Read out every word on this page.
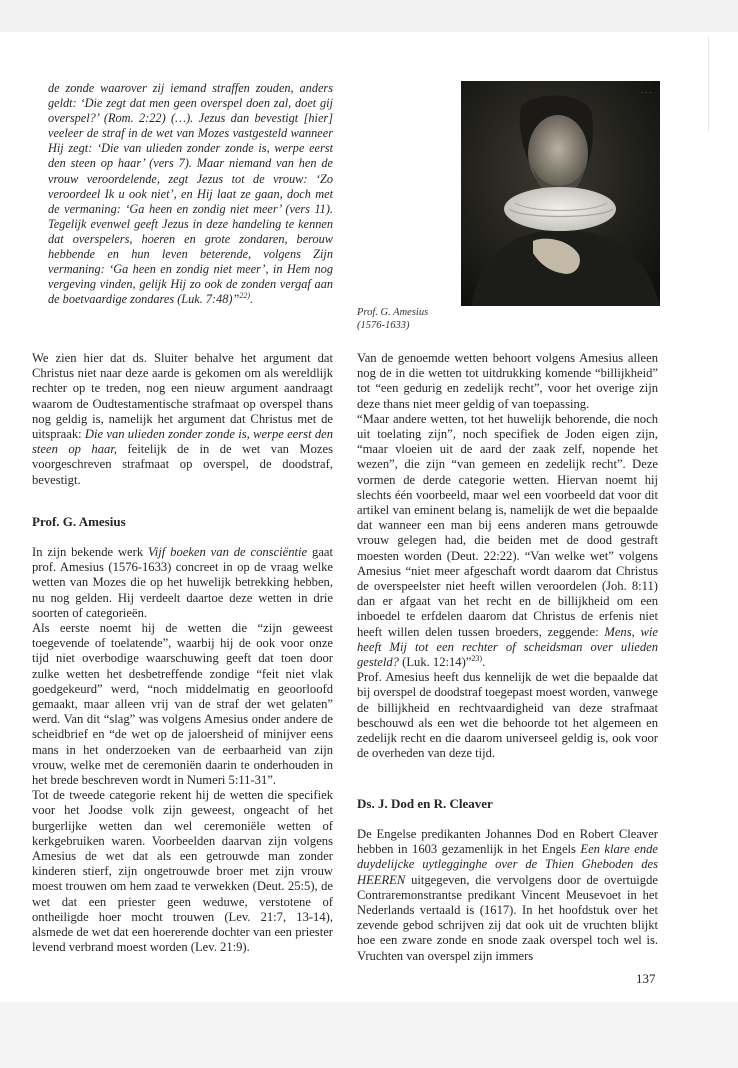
de zonde waarover zij iemand straffen zouden, anders geldt: ‘Die zegt dat men geen overspel doen zal, doet gij overspel?’ (Rom. 2:22) (…). Jezus dan bevestigt [hier] veeleer de straf in de wet van Mozes vastgesteld wanneer Hij zegt: ‘Die van ulieden zonder zonde is, werpe eerst den steen op haar’ (vers 7). Maar niemand van hen de vrouw veroordelende, zegt Jezus tot de vrouw: ‘Zo veroordeel Ik u ook niet’, en Hij laat ze gaan, doch met de vermaning: ‘Ga heen en zondig niet meer’ (vers 11). Tegelijk evenwel geeft Jezus in deze handeling te kennen dat overspelers, hoeren en grote zondaren, berouw hebbende en hun leven beterende, volgens Zijn vermaning: ‘Ga heen en zondig niet meer’, in Hem nog vergeving vinden, gelijk Hij zo ook de zonden vergaf aan de boetvaardige zondares (Luk. 7:48)”$^{22)}$.

We zien hier dat ds. Sluiter behalve het argument dat Christus niet naar deze aarde is gekomen om als wereldlijk rechter op te treden, nog een nieuw argument aandraagt waarom de Oudtestamentische strafmaat op overspel thans nog geldig is, namelijk het argument dat Christus met de uitspraak: Die van ulieden zonder zonde is, werpe eerst den steen op haar, feitelijk de in de wet van Mozes voorgeschreven strafmaat op overspel, de doodstraf, bevestigt.

Prof. G. Amesius

In zijn bekende werk Vijf boeken van de consciëntie gaat prof. Amesius (1576-1633) concreet in op de vraag welke wetten van Mozes die op het huwelijk betrekking hebben, nu nog gelden. Hij verdeelt daartoe deze wetten in drie soorten of categorieën.

Als eerste noemt hij de wetten die “zijn geweest toegevende of toelatende”, waarbij hij de ook voor onze tijd niet overbodige waarschuwing geeft dat toen door zulke wetten het desbetreffende zondige “feit niet vlak goedgekeurd” werd, “noch middelmatig en geoorloofd gemaakt, maar alleen vrij van de straf der wet gelaten” werd. Van dit “slag” was volgens Amesius onder andere de scheidbrief en “de wet op de jaloersheid of minijver eens mans in het onderzoeken van de eerbaarheid van zijn vrouw, welke met de ceremoniën daarin te onderhouden in het brede beschreven wordt in Numeri 5:11-31”.

Tot de tweede categorie rekent hij de wetten die specifiek voor het Joodse volk zijn geweest, ongeacht of het burgerlijke wetten dan wel ceremoniële wetten of kerkgebruiken waren. Voorbeelden daarvan zijn volgens Amesius de wet dat als een getrouwde man zonder kinderen stierf, zijn ongetrouwde broer met zijn vrouw moest trouwen om hem zaad te verwekken (Deut. 25:5), de wet dat een priester geen weduwe, verstotene of ontheiligde hoer mocht trouwen (Lev. 21:7, 13-14), alsmede de wet dat een hoererende dochter van een priester levend verbrand moest worden (Lev. 21:9).

· · ·
Prof. G. Amesius
(1576-1633)

Van de genoemde wetten behoort volgens Amesius alleen nog de in die wetten tot uitdrukking komende “billijkheid” tot “een gedurig en zedelijk recht”, voor het overige zijn deze thans niet meer geldig of van toepassing.

“Maar andere wetten, tot het huwelijk behorende, die noch uit toelating zijn”, noch specifiek de Joden eigen zijn, “maar vloeien uit de aard der zaak zelf, nopende het wezen”, die zijn “van gemeen en zedelijk recht”. Deze vormen de derde categorie wetten. Hiervan noemt hij slechts één voorbeeld, maar wel een voorbeeld dat voor dit artikel van eminent belang is, namelijk de wet die bepaalde dat wanneer een man bij eens anderen mans getrouwde vrouw gelegen had, die beiden met de dood gestraft moesten worden (Deut. 22:22). “Van welke wet” volgens Amesius “niet meer afgeschaft wordt daarom dat Christus de overspeelster niet heeft willen veroordelen (Joh. 8:11) dan er afgaat van het recht en de billijkheid om een inboedel te erfdelen daarom dat Christus de erfenis niet heeft willen delen tussen broeders, zeggende: Mens, wie heeft Mij tot een rechter of scheidsman over ulieden gesteld? (Luk. 12:14)”$^{23)}$.

Prof. Amesius heeft dus kennelijk de wet die bepaalde dat bij overspel de doodstraf toegepast moest worden, vanwege de billijkheid en rechtvaardigheid van deze strafmaat beschouwd als een wet die behoorde tot het algemeen en zedelijk recht en die daarom universeel geldig is, ook voor de overheden van deze tijd.

Ds. J. Dod en R. Cleaver

De Engelse predikanten Johannes Dod en Robert Cleaver hebben in 1603 gezamenlijk in het Engels Een klare ende duydelijcke uytlegginghe over de Thien Gheboden des HEEREN uitgegeven, die vervolgens door de overtuigde Contraremonstrantse predikant Vincent Meusevoet in het Nederlands vertaald is (1617). In het hoofdstuk over het zevende gebod schrijven zij dat ook uit de vruchten blijkt hoe een zware zonde en snode zaak overspel toch wel is. Vruchten van overspel zijn immers

137
